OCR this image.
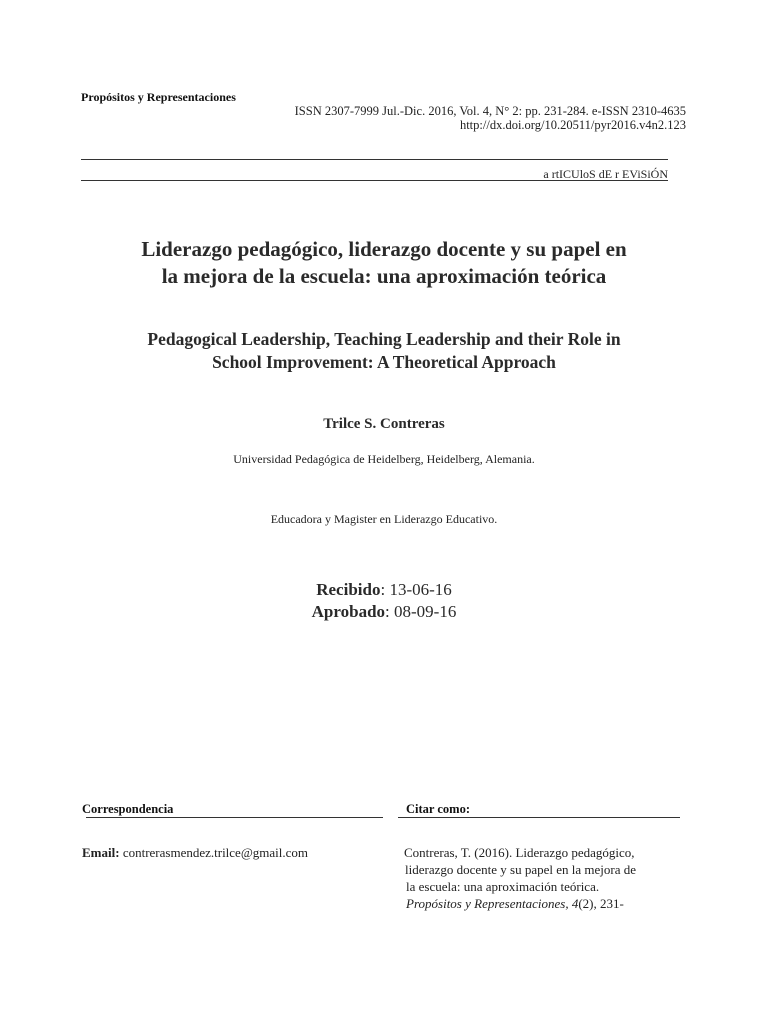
Propósitos y Representaciones
ISSN 2307-7999 Jul.-Dic. 2016, Vol. 4, N° 2: pp. 231-284. e-ISSN 2310-4635
http://dx.doi.org/10.20511/pyr2016.v4n2.123
a rtICUloS dE r EViSiÓN
Liderazgo pedagógico, liderazgo docente y su papel en
la mejora de la escuela: una aproximación teórica
Pedagogical Leadership, Teaching Leadership and their Role in
School Improvement: A Theoretical Approach
Trilce S. Contreras
Universidad Pedagógica de Heidelberg, Heidelberg, Alemania.
Educadora y Magister en Liderazgo Educativo.
Recibido: 13-06-16
Aprobado: 08-09-16
Correspondencia	Citar como:
Email: contrerasmendez.trilce@gmail.com	Contreras, T. (2016). Liderazgo pedagógico,
liderazgo docente y su papel en la mejora de
la escuela: una aproximación teórica.
Propósitos y Representaciones, 4(2), 231-
